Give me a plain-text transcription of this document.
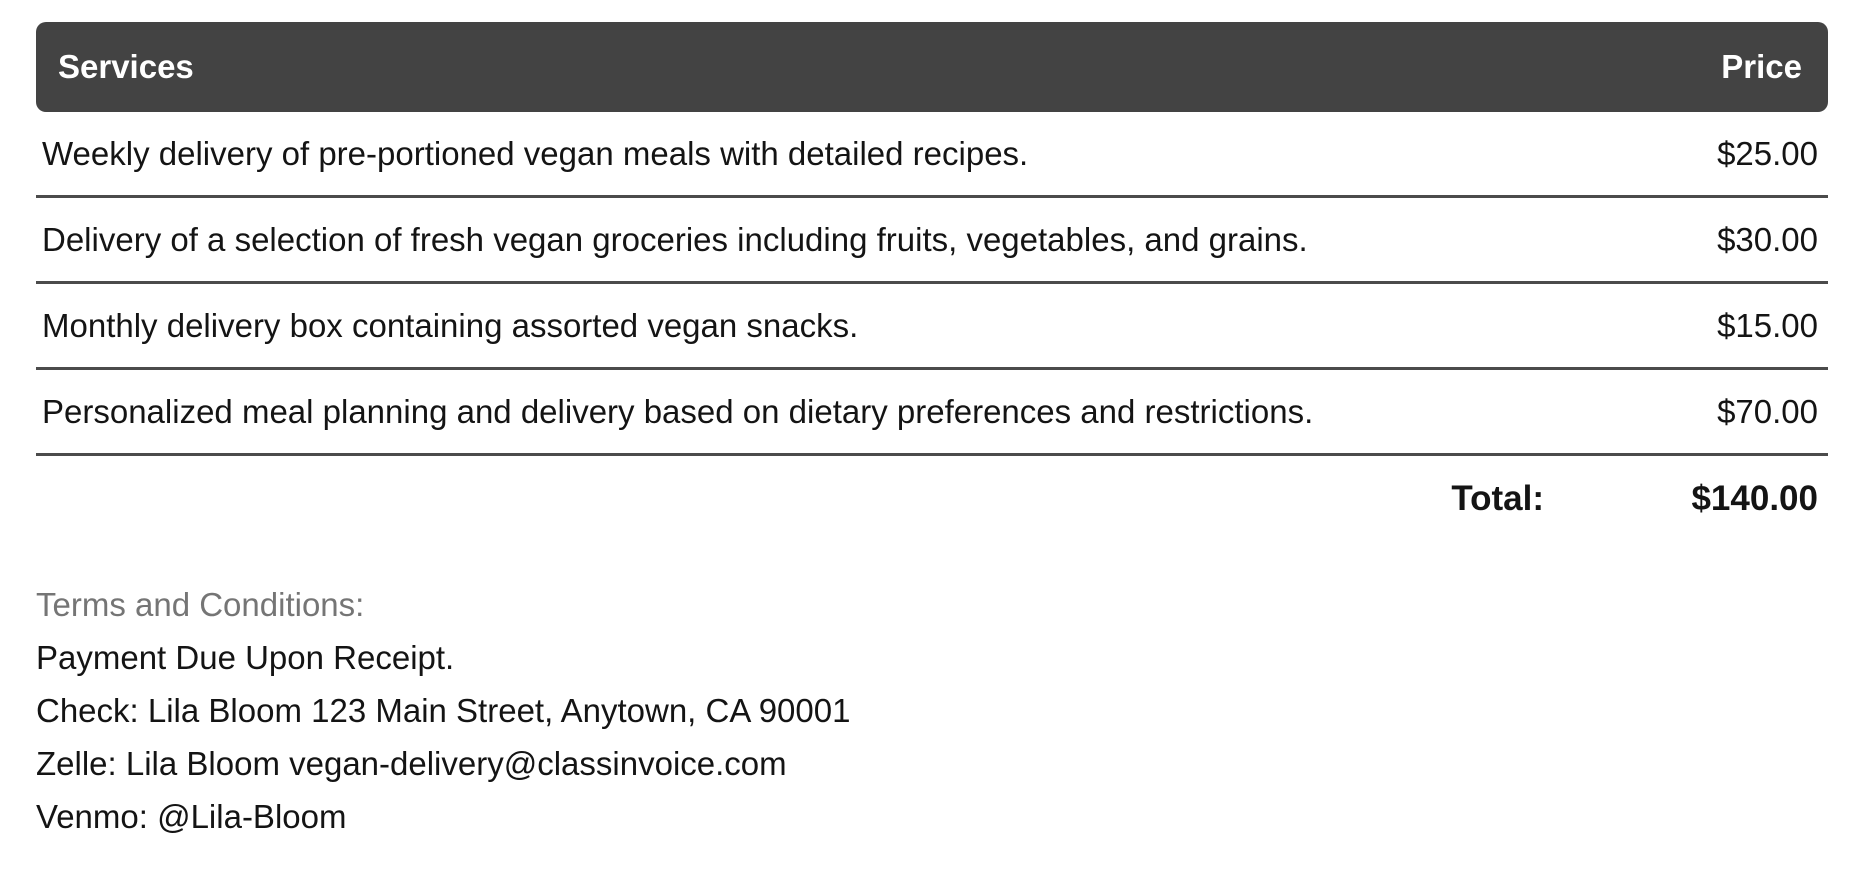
Services	Price
Weekly delivery of pre-portioned vegan meals with detailed recipes.	$25.00
Delivery of a selection of fresh vegan groceries including fruits, vegetables, and grains.	$30.00
Monthly delivery box containing assorted vegan snacks.	$15.00
Personalized meal planning and delivery based on dietary preferences and restrictions.	$70.00
Total:	$140.00
Terms and Conditions:
Payment Due Upon Receipt.
Check: Lila Bloom 123 Main Street, Anytown, CA 90001
Zelle: Lila Bloom vegan-delivery@classinvoice.com
Venmo: @Lila-Bloom
